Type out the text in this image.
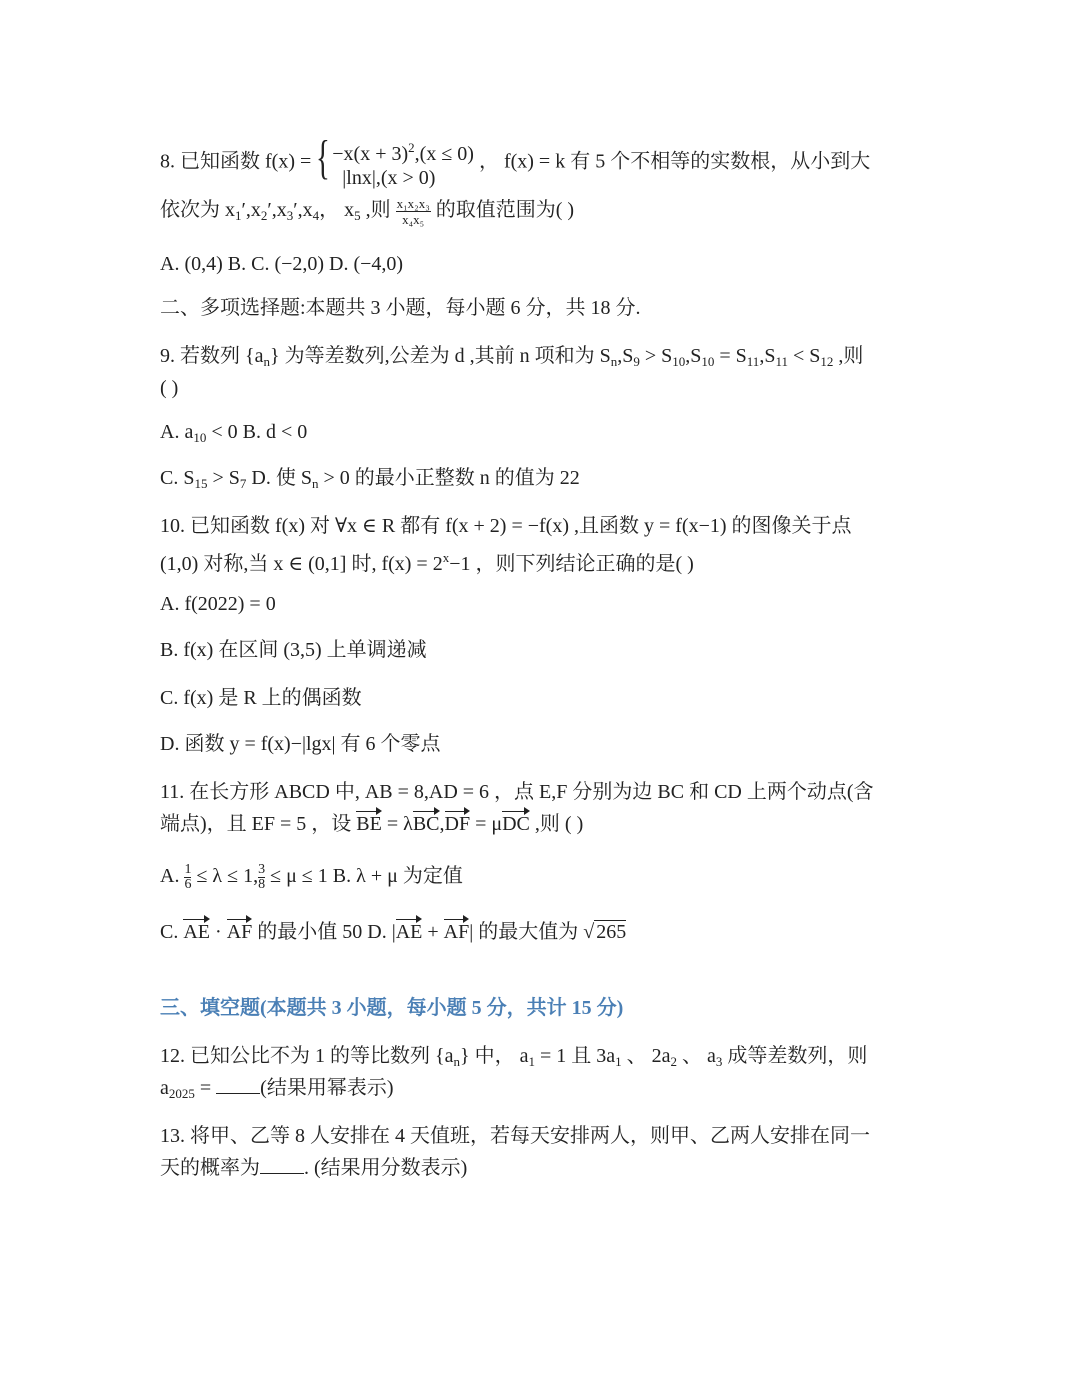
8. 已知函数 f(x) = { $-x(x + 3)^2,(x \le 0)$
|lnx|,(x > 0)
， f(x) = k 有 5 个不相等的实数根，从小到大
依次为 $x_1',x_2',x_3',x_4$， $x_5$ ,则 $\frac{\text{x₁x₂x₃}}{\text{x₄x₅}}$ 的取值范围为( )
A. (0,4) B. C. (−2,0) D. (−4,0)
二、多项选择题:本题共 3 小题，每小题 6 分，共 18 分.
9. 若数列 $\{a_n\}$ 为等差数列,公差为 d ,其前 n 项和为 $S_n,S_9 > S_{10},S_{10} = S_{11},S_{11} < S_{12}$ ,则
( )
A. $a_{10} < 0$ B. d < 0
C. $S_{15} > S_7$ D. 使 $S_n > 0$ 的最小正整数 n 的值为 22
10. 已知函数 f(x) 对 ∀x ∈ R 都有 f(x + 2) = −f(x) ,且函数 y = f(x−1) 的图像关于点
(1,0) 对称,当 x ∈ (0,1] 时, $f(x) = 2^x-1$ ，则下列结论正确的是( )
A. f(2022) = 0
B. f(x) 在区间 (3,5) 上单调递减
C. f(x) 是 R 上的偶函数
D. 函数 y = f(x)−|lgx| 有 6 个零点
11. 在长方形 ABCD 中, AB = 8,AD = 6 ，点 E,F 分别为边 BC 和 CD 上两个动点(含
端点)，且 EF = 5 ，设 BE = λBC,DF = μDC ,则 ( )
A. $\frac{1}{6} \le \lambda \le 1$, $\frac{3}{8} \le \mu \le 1$ B. λ + μ 为定值
C. AE · AF 的最小值 50 D. |AE + AF| 的最大值为 √ 265
三、填空题(本题共 3 小题，每小题 5 分，共计 15 分)
12. 已知公比不为 1 的等比数列 $\{a_n\}$ 中， $a_1 = 1$ 且 $3a_1$ 、 $2a_2$ 、 $a_3$ 成等差数列，则
$a_{2025}$ = (结果用幂表示)
13. 将甲、乙等 8 人安排在 4 天值班，若每天安排两人，则甲、乙两人安排在同一
天的概率为 . (结果用分数表示)
